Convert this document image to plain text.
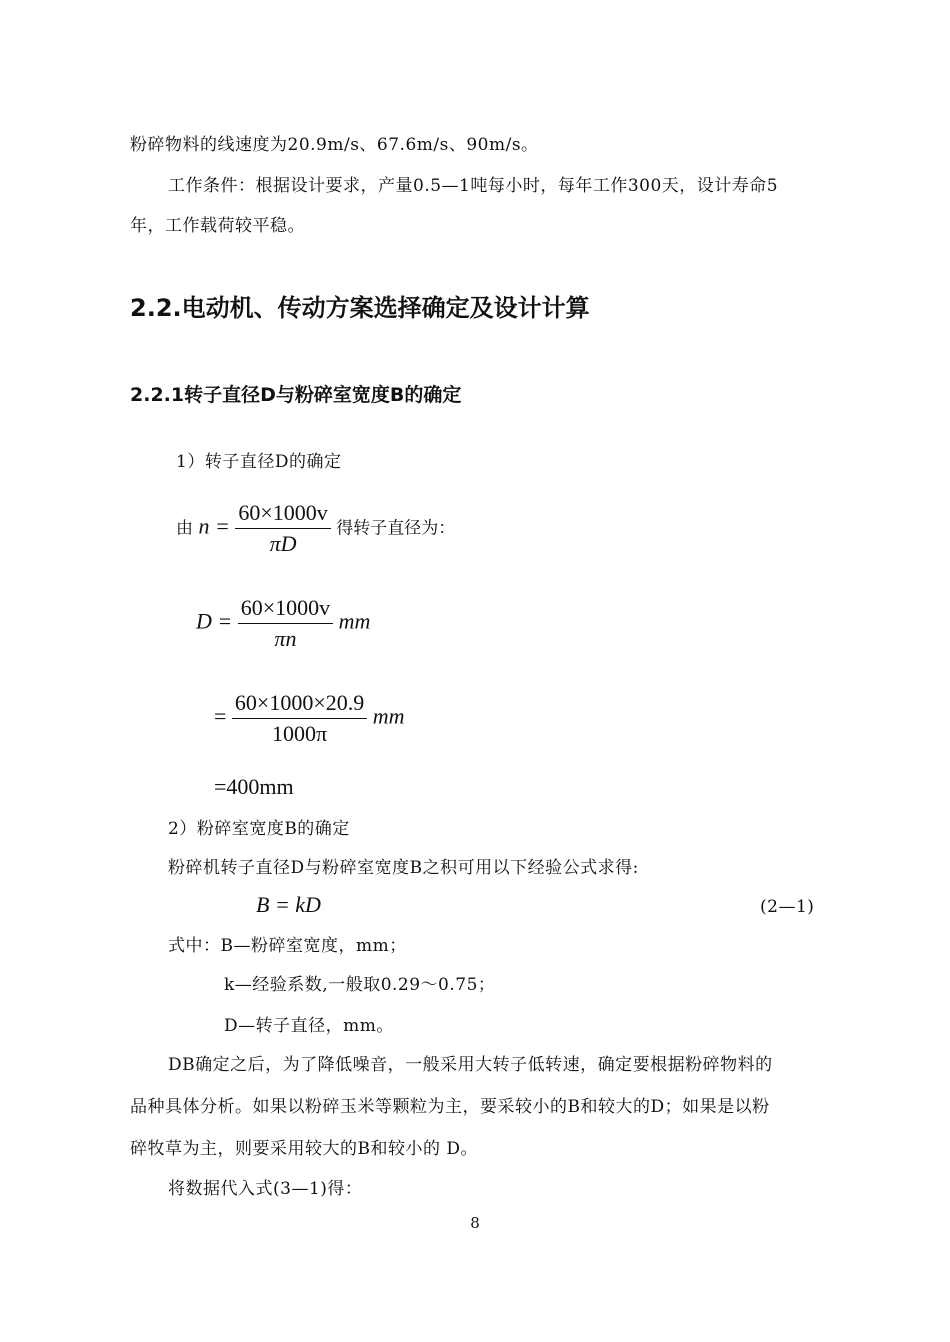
粉碎物料的线速度为20.9m/s、67.6m/s、90m/s。
工作条件：根据设计要求，产量0.5—1吨每小时，每年工作300天，设计寿命5
年，工作载荷较平稳。
2.2.电动机、传动方案选择确定及设计计算
2.2.1转子直径D与粉碎室宽度B的确定
1）转子直径D的确定
由 $n = \frac{60\times 1000v}{\pi D}$ 得转子直径为：
$D = \frac{60\times 1000v}{\pi n}$ mm
= $\frac{60\times 1000\times 20.9}{1000\pi}$ mm
=400mm
2）粉碎室宽度B的确定
粉碎机转子直径D与粉碎室宽度B之积可用以下经验公式求得:
B = kD	(2—1)
式中：B—粉碎室宽度，mm；
k—经验系数,一般取0.29～0.75；
D—转子直径，mm。
DB确定之后，为了降低噪音，一般采用大转子低转速，确定要根据粉碎物料的
品种具体分析。如果以粉碎玉米等颗粒为主，要采较小的B和较大的D；如果是以粉
碎牧草为主，则要采用较大的B和较小的 D。
将数据代入式(3—1)得：
8
